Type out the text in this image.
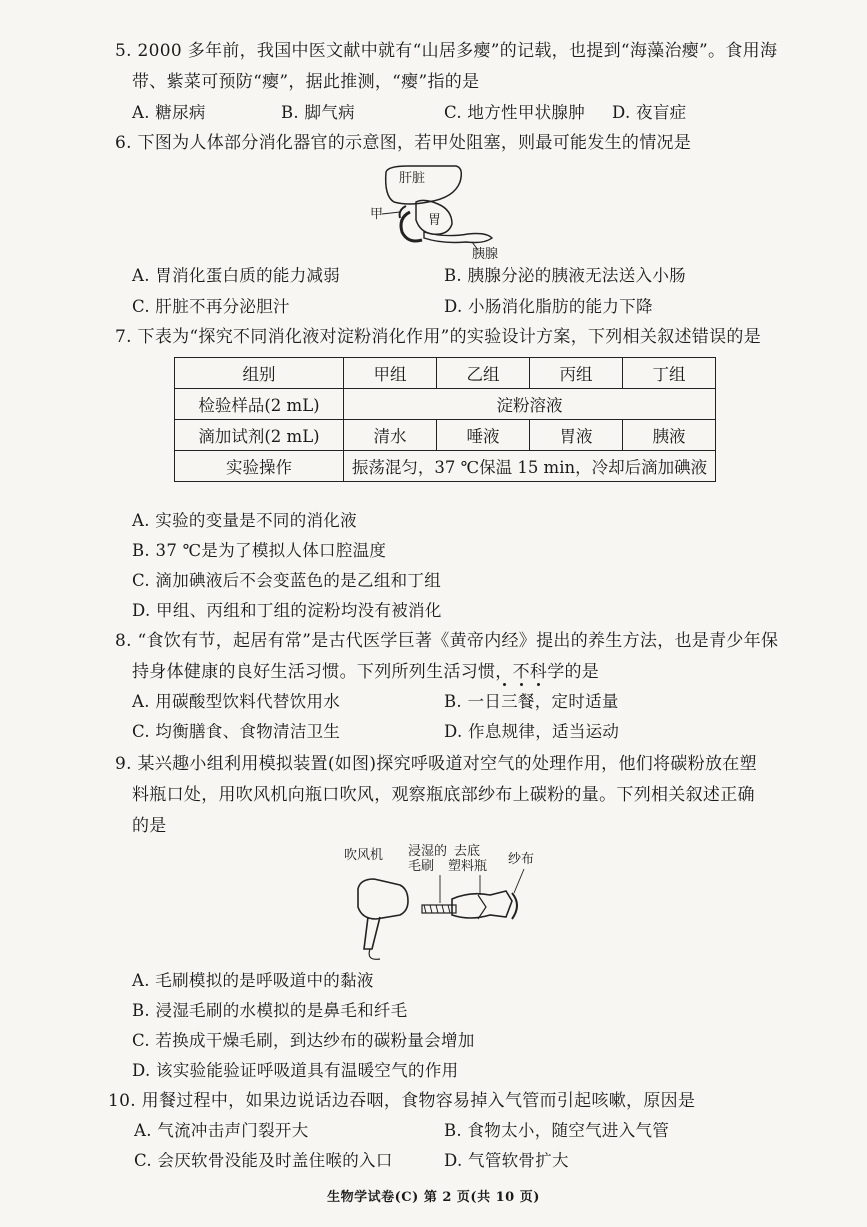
5. 2000 多年前，我国中医文献中就有“山居多瘿”的记载，也提到“海藻治瘿”。食用海
带、紫菜可预防“瘿”，据此推测，“瘿”指的是
A. 糖尿病	B. 脚气病	C. 地方性甲状腺肿 D. 夜盲症
6. 下图为人体部分消化器官的示意图，若甲处阻塞，则最可能发生的情况是
肝脏
胃
甲
胰腺
A. 胃消化蛋白质的能力减弱	B. 胰腺分泌的胰液无法送入小肠
C. 肝脏不再分泌胆汁	D. 小肠消化脂肪的能力下降
7. 下表为“探究不同消化液对淀粉消化作用”的实验设计方案，下列相关叙述错误的是
组别	甲组	乙组	丙组	丁组
检验样品(2 mL)	淀粉溶液			
滴加试剂(2 mL)	清水	唾液	胃液	胰液
实验操作	振荡混匀，37 ℃保温 15 min，冷却后滴加碘液			
A. 实验的变量是不同的消化液
B. 37 ℃是为了模拟人体口腔温度
C. 滴加碘液后不会变蓝色的是乙组和丁组
D. 甲组、丙组和丁组的淀粉均没有被消化
8. “食饮有节，起居有常”是古代医学巨著《黄帝内经》提出的养生方法，也是青少年保
持身体健康的良好生活习惯。下列所列生活习惯，不科学的是
A. 用碳酸型饮料代替饮用水	B. 一日三餐，定时适量
C. 均衡膳食、食物清洁卫生	D. 作息规律，适当运动
9. 某兴趣小组利用模拟装置(如图)探究呼吸道对空气的处理作用，他们将碳粉放在塑
料瓶口处，用吹风机向瓶口吹风，观察瓶底部纱布上碳粉的量。下列相关叙述正确
的是
吹风机 浸湿的
毛刷
去底
塑料瓶 纱布
A. 毛刷模拟的是呼吸道中的黏液
B. 浸湿毛刷的水模拟的是鼻毛和纤毛
C. 若换成干燥毛刷，到达纱布的碳粉量会增加
D. 该实验能验证呼吸道具有温暖空气的作用
10. 用餐过程中，如果边说话边吞咽，食物容易掉入气管而引起咳嗽，原因是
A. 气流冲击声门裂开大	B. 食物太小，随空气进入气管
C. 会厌软骨没能及时盖住喉的入口	D. 气管软骨扩大
生物学试卷(C) 第 2 页(共 10 页)
